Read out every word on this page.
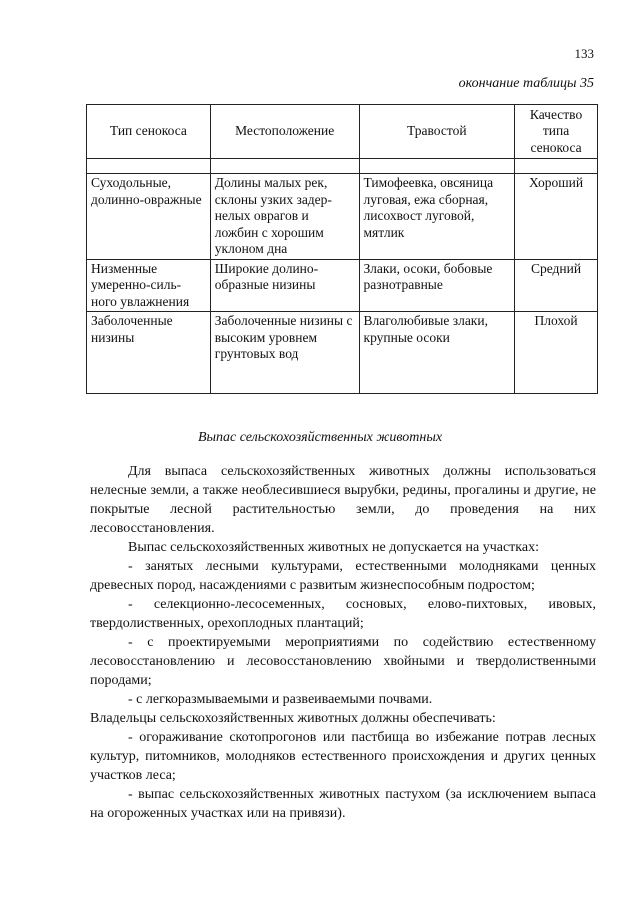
133
окончание таблицы 35
Тип сенокоса	Местоположение	Травостой	Качество типа сенокоса

Суходольные, долинно-овражные	Долины малых рек, склоны узких задер-нелых оврагов и ложбин с хорошим уклоном дна	Тимофеевка, овсяница луговая, ежа сборная, лисохвост луговой, мятлик	Хороший
Низменные умеренно-силь-ного увлажнения	Широкие долино-образные низины	Злаки, осоки, бобовые разнотравные	Средний
Заболоченные низины	Заболоченные низины с высоким уровнем грунтовых вод	Влаголюбивые злаки, крупные осоки	Плохой
Выпас сельскохозяйственных животных

Для выпаса сельскохозяйственных животных должны использоваться нелесные земли, а также необлесившиеся вырубки, редины, прогалины и другие, не покрытые лесной растительностью земли, до проведения на них лесовосстановления.

Выпас сельскохозяйственных животных не допускается на участках:

- занятых лесными культурами, естественными молодняками ценных древесных пород, насаждениями с развитым жизнеспособным подростом;

- селекционно-лесосеменных, сосновых, елово-пихтовых, ивовых, твердолиственных, орехоплодных плантаций;

- с проектируемыми мероприятиями по содействию естественному лесовосстановлению и лесовосстановлению хвойными и твердолиственными породами;

- с легкоразмываемыми и развеиваемыми почвами.

Владельцы сельскохозяйственных животных должны обеспечивать:

- огораживание скотопрогонов или пастбища во избежание потрав лесных культур, питомников, молодняков естественного происхождения и других ценных участков леса;

- выпас сельскохозяйственных животных пастухом (за исключением выпаса на огороженных участках или на привязи).
